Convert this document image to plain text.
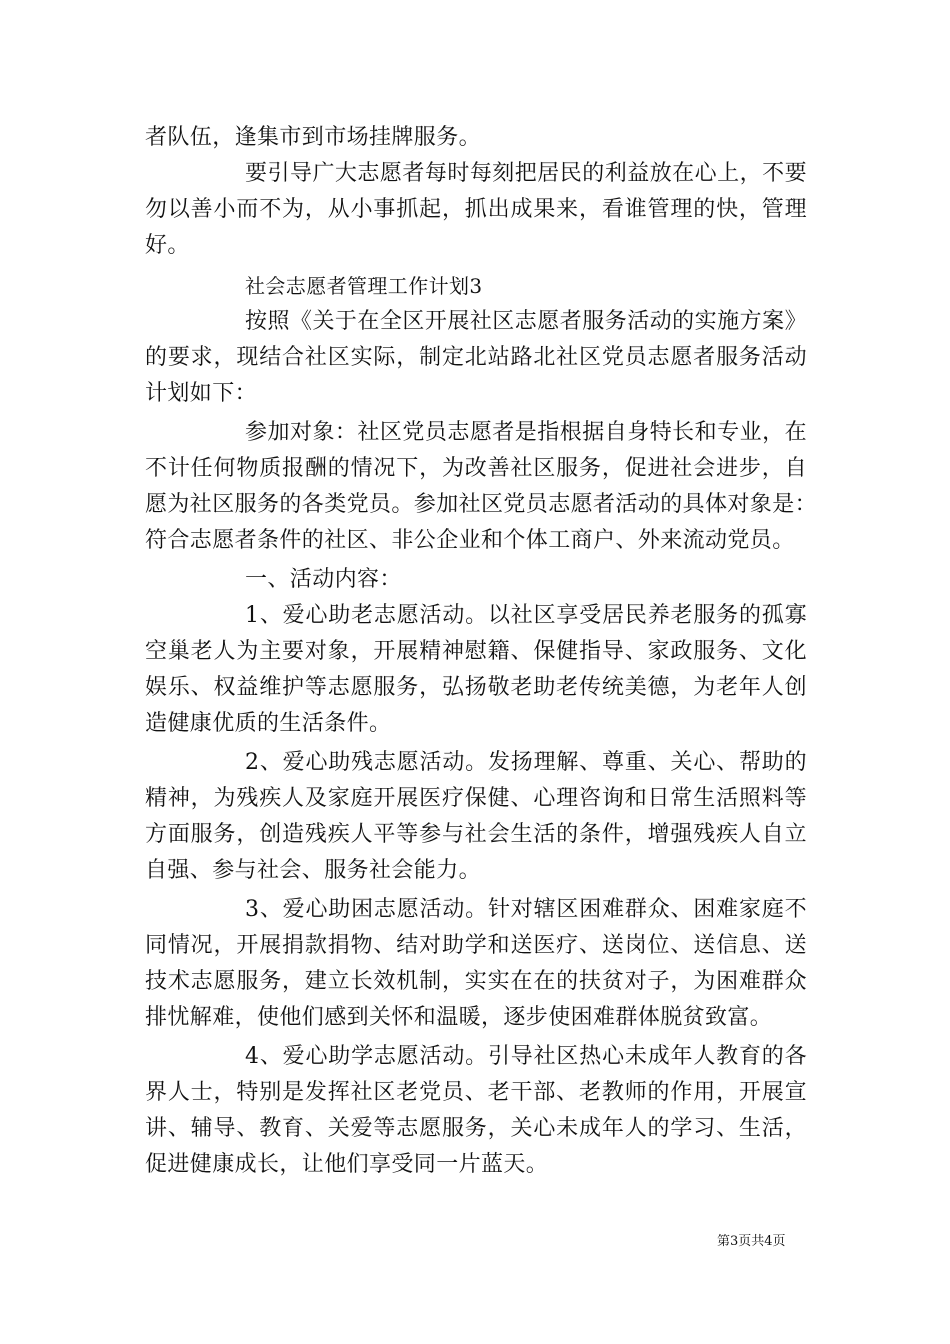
者队伍，逢集市到市场挂牌服务。
要引导广大志愿者每时每刻把居民的利益放在心上，不要
勿以善小而不为，从小事抓起，抓出成果来，看谁管理的快，管理
好。
社会志愿者管理工作计划3
按照《关于在全区开展社区志愿者服务活动的实施方案》
的要求，现结合社区实际，制定北站路北社区党员志愿者服务活动
计划如下：
参加对象：社区党员志愿者是指根据自身特长和专业，在
不计任何物质报酬的情况下，为改善社区服务，促进社会进步，自
愿为社区服务的各类党员。参加社区党员志愿者活动的具体对象是：
符合志愿者条件的社区、非公企业和个体工商户、外来流动党员。
一、活动内容：
1、爱心助老志愿活动。以社区享受居民养老服务的孤寡
空巢老人为主要对象，开展精神慰籍、保健指导、家政服务、文化
娱乐、权益维护等志愿服务，弘扬敬老助老传统美德，为老年人创
造健康优质的生活条件。
2、爱心助残志愿活动。发扬理解、尊重、关心、帮助的
精神，为残疾人及家庭开展医疗保健、心理咨询和日常生活照料等
方面服务，创造残疾人平等参与社会生活的条件，增强残疾人自立
自强、参与社会、服务社会能力。
3、爱心助困志愿活动。针对辖区困难群众、困难家庭不
同情况，开展捐款捐物、结对助学和送医疗、送岗位、送信息、送
技术志愿服务，建立长效机制，实实在在的扶贫对子，为困难群众
排忧解难，使他们感到关怀和温暖，逐步使困难群体脱贫致富。
4、爱心助学志愿活动。引导社区热心未成年人教育的各
界人士，特别是发挥社区老党员、老干部、老教师的作用，开展宣
讲、辅导、教育、关爱等志愿服务，关心未成年人的学习、生活，
促进健康成长，让他们享受同一片蓝天。
第3页共4页
